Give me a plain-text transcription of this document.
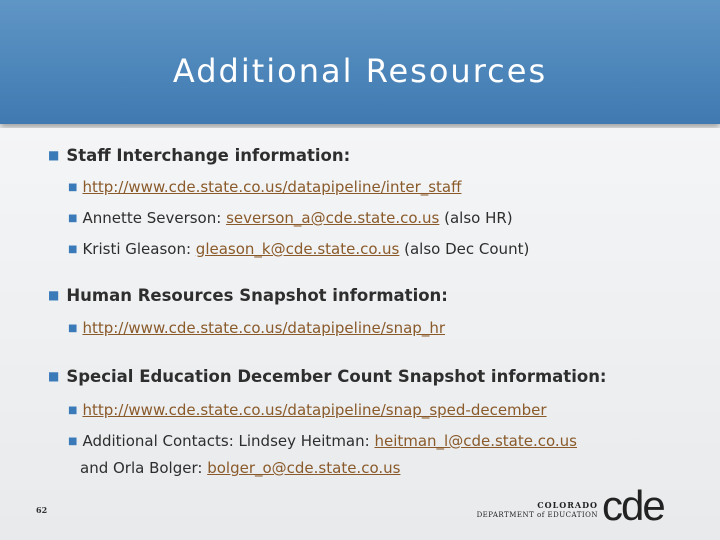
Additional Resources
■ Staff Interchange information:
■ http://www.cde.state.co.us/datapipeline/inter_staff
■ Annette Severson: severson_a@cde.state.co.us (also HR)
■ Kristi Gleason: gleason_k@cde.state.co.us (also Dec Count)
■ Human Resources Snapshot information:
■ http://www.cde.state.co.us/datapipeline/snap_hr
■ Special Education December Count Snapshot information:
■ http://www.cde.state.co.us/datapipeline/snap_sped-december
■ Additional Contacts: Lindsey Heitman: heitman_l@cde.state.co.us
and Orla Bolger: bolger_o@cde.state.co.us
62	COLORADO
DEPARTMENT of EDUCATION cde
